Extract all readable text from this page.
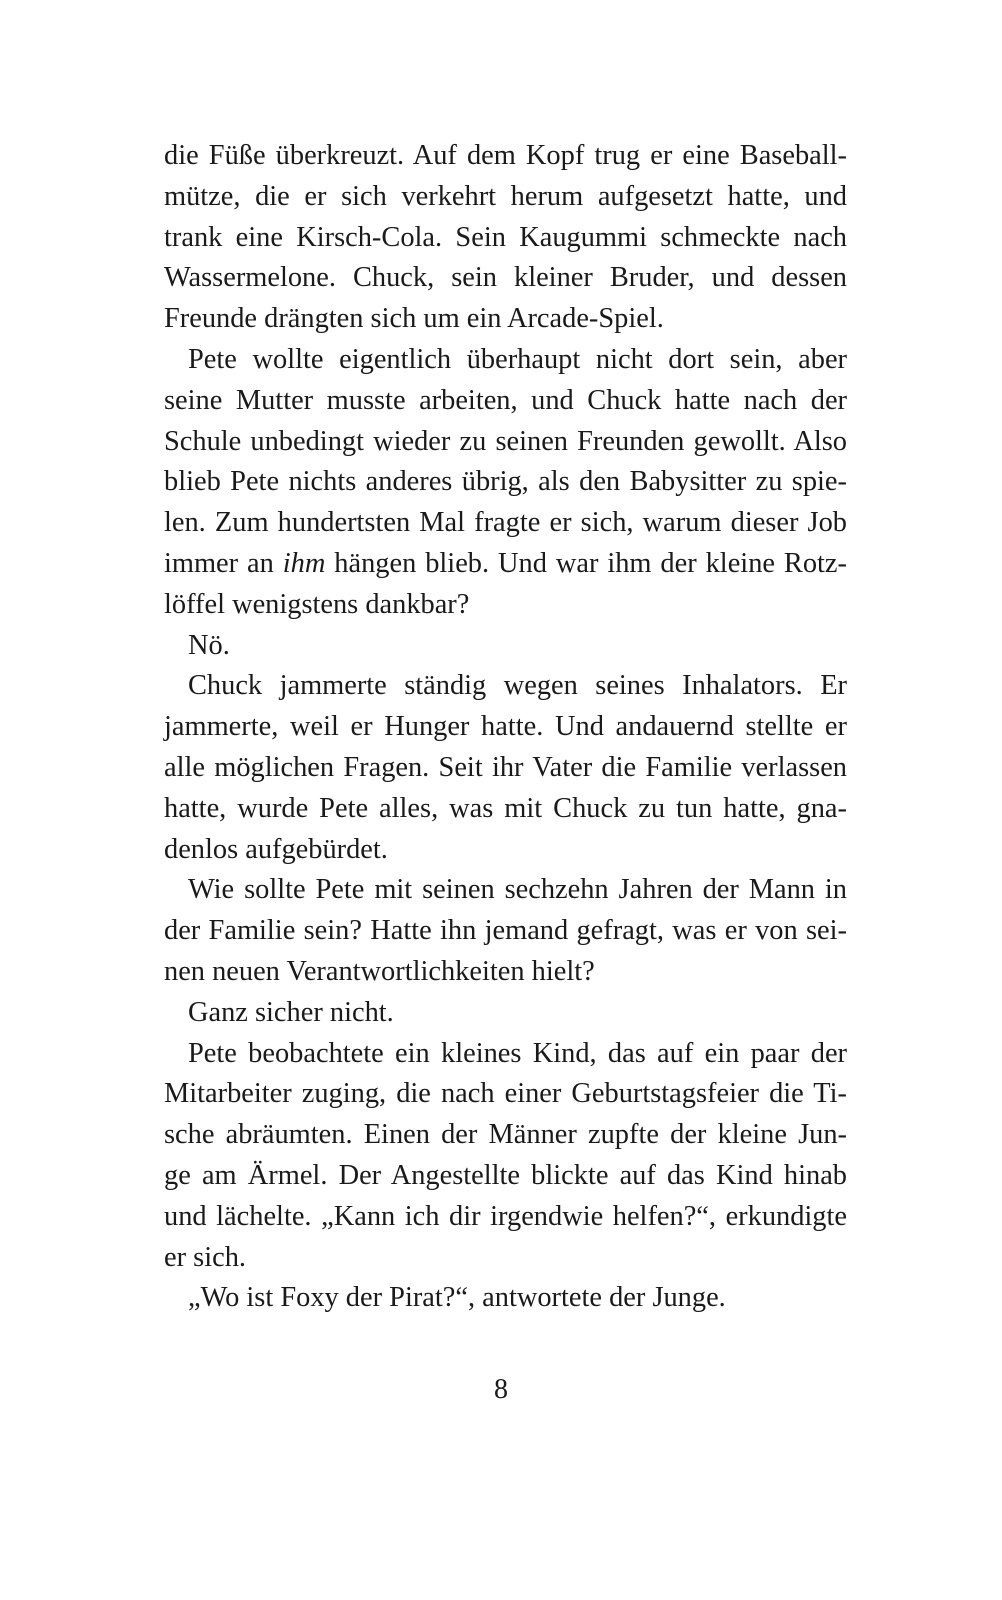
die Füße überkreuzt. Auf dem Kopf trug er eine Baseball-
mütze, die er sich verkehrt herum aufgesetzt hatte, und
trank eine Kirsch-Cola. Sein Kaugummi schmeckte nach
Wassermelone. Chuck, sein kleiner Bruder, und dessen
Freunde drängten sich um ein Arcade-Spiel.
Pete wollte eigentlich überhaupt nicht dort sein, aber
seine Mutter musste arbeiten, und Chuck hatte nach der
Schule unbedingt wieder zu seinen Freunden gewollt. Also
blieb Pete nichts anderes übrig, als den Babysitter zu spie-
len. Zum hundertsten Mal fragte er sich, warum dieser Job
immer an ihm hängen blieb. Und war ihm der kleine Rotz-
löffel wenigstens dankbar?
Nö.
Chuck jammerte ständig wegen seines Inhalators. Er
jammerte, weil er Hunger hatte. Und andauernd stellte er
alle möglichen Fragen. Seit ihr Vater die Familie verlassen
hatte, wurde Pete alles, was mit Chuck zu tun hatte, gna-
denlos aufgebürdet.
Wie sollte Pete mit seinen sechzehn Jahren der Mann in
der Familie sein? Hatte ihn jemand gefragt, was er von sei-
nen neuen Verantwortlichkeiten hielt?
Ganz sicher nicht.
Pete beobachtete ein kleines Kind, das auf ein paar der
Mitarbeiter zuging, die nach einer Geburtstagsfeier die Ti-
sche abräumten. Einen der Männer zupfte der kleine Jun-
ge am Ärmel. Der Angestellte blickte auf das Kind hinab
und lächelte. „Kann ich dir irgendwie helfen?“, erkundigte
er sich.
„Wo ist Foxy der Pirat?“, antwortete der Junge.
8
